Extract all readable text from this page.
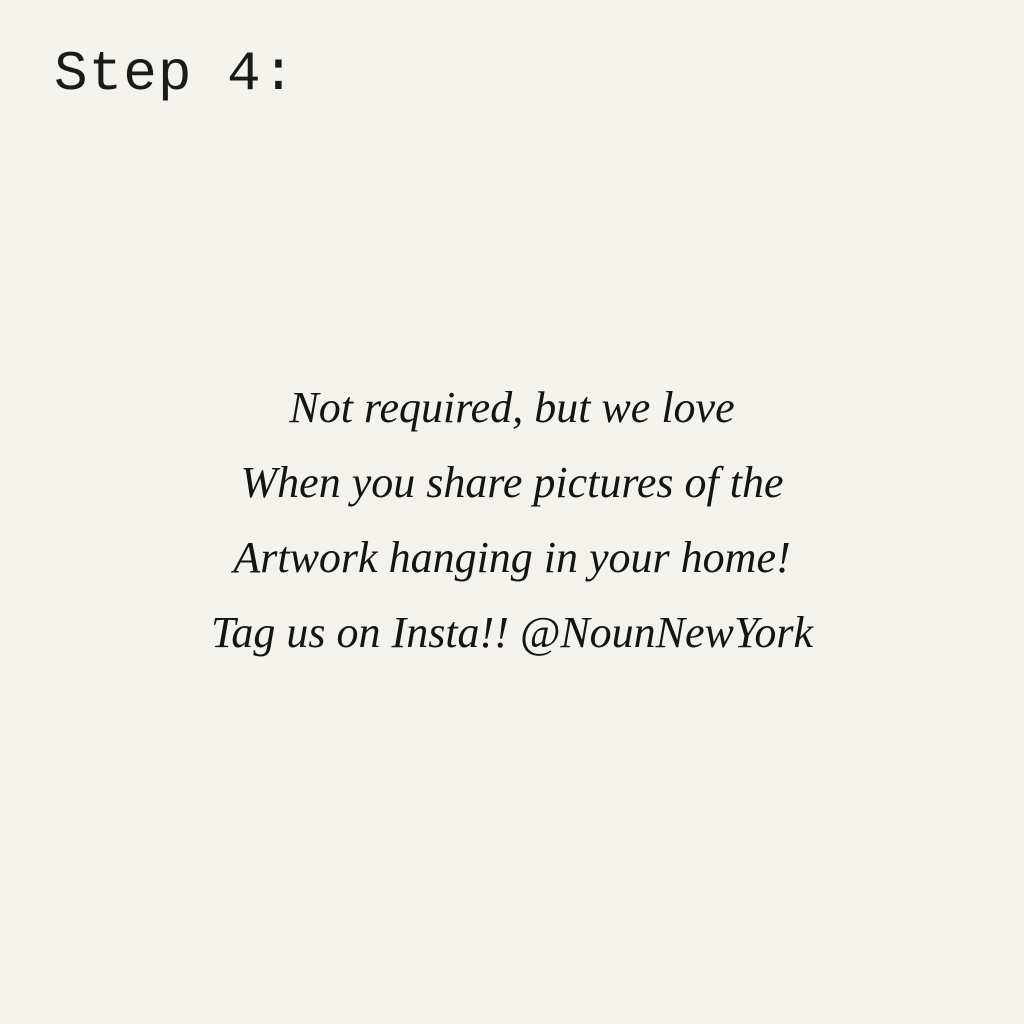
Step 4:
Not required, but we love
When you share pictures of the
Artwork hanging in your home!
Tag us on Insta!! @NounNewYork
